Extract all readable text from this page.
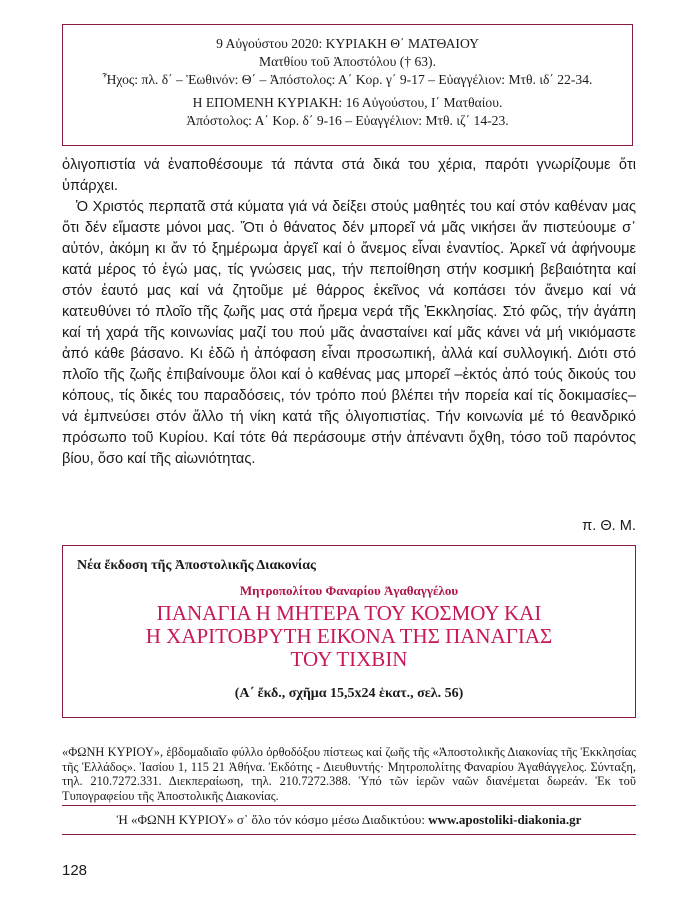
9 Αὐγούστου 2020: ΚΥΡΙΑΚΗ Θ΄ ΜΑΤΘΑΙΟΥ
Ματθίου τοῦ Ἀποστόλου († 63).
Ἦχος: πλ. δ΄ – Ἑωθινόν: Θ΄ – Ἀπόστολος: Α΄ Κορ. γ΄ 9-17 – Εὐαγγέλιον: Μτθ. ιδ΄ 22-34.
Η ΕΠΟΜΕΝΗ ΚΥΡΙΑΚΗ: 16 Αὐγούστου, Ι΄ Ματθαίου.
Ἀπόστολος: Α΄ Κορ. δ΄ 9-16 – Εὐαγγέλιον: Μτθ. ιζ΄ 14-23.

ὀλιγοπιστία νά ἐναποθέσουμε τά πάντα στά δικά του χέρια, παρότι γνωρίζουμε ὅτι ὑπάρχει.

Ὁ Χριστός περπατᾶ στά κύματα γιά νά δείξει στούς μαθητές του καί στόν καθέναν μας ὅτι δέν εἴμαστε μόνοι μας. Ὅτι ὁ θάνατος δέν μπορεῖ νά μᾶς νικήσει ἄν πιστεύουμε σ᾽ αὐτόν, ἀκόμη κι ἄν τό ξημέρωμα ἀργεῖ καί ὁ ἄνεμος εἶναι ἐναντίος. Ἀρκεῖ νά ἀφήνουμε κατά μέρος τό ἐγώ μας, τίς γνώσεις μας, τήν πεποίθηση στήν κοσμική βεβαιότητα καί στόν ἑαυτό μας καί νά ζητοῦμε μέ θάρρος ἐκεῖνος νά κοπάσει τόν ἄνεμο καί νά κατευθύνει τό πλοῖο τῆς ζωῆς μας στά ἤρεμα νερά τῆς Ἐκκλησίας. Στό φῶς, τήν ἀγάπη καί τή χαρά τῆς κοινωνίας μαζί του πού μᾶς ἀνασταίνει καί μᾶς κάνει νά μή νικιόμαστε ἀπό κάθε βάσανο. Κι ἐδῶ ἡ ἀπόφαση εἶναι προσωπική, ἀλλά καί συλλογική. Διότι στό πλοῖο τῆς ζωῆς ἐπιβαίνουμε ὅλοι καί ὁ καθένας μας μπορεῖ –ἐκτός ἀπό τούς δικούς του κόπους, τίς δικές του παραδόσεις, τόν τρόπο πού βλέπει τήν πορεία καί τίς δοκιμασίες– νά ἐμπνεύσει στόν ἄλλο τή νίκη κατά τῆς ὀλιγοπιστίας. Τήν κοινωνία μέ τό θεανδρικό πρόσωπο τοῦ Κυρίου. Καί τότε θά περάσουμε στήν ἀπέναντι ὄχθη, τόσο τοῦ παρόντος βίου, ὅσο καί τῆς αἰωνιότητας.

π. Θ. Μ.
Νέα ἔκδοση τῆς Ἀποστολικῆς Διακονίας
Μητροπολίτου Φαναρίου Ἀγαθαγγέλου
ΠΑΝΑΓΙΑ Η ΜΗΤΕΡΑ ΤΟΥ ΚΟΣΜΟΥ ΚΑΙ
Η ΧΑΡΙΤΟΒΡΥΤΗ ΕΙΚΟΝΑ ΤΗΣ ΠΑΝΑΓΙΑΣ
ΤΟΥ ΤΙΧΒΙΝ
(Α΄ ἔκδ., σχῆμα 15,5x24 ἑκατ., σελ. 56)
«ΦΩΝΗ ΚΥΡΙΟΥ», ἑβδομαδιαῖο φύλλο ὀρθοδόξου πίστεως καί ζωῆς τῆς «Ἀποστολικῆς Διακονίας τῆς Ἐκκλησίας τῆς Ἑλλάδος». Ἰασίου 1, 115 21 Ἀθήνα. Ἐκδότης - Διευθυντής· Μητροπολίτης Φαναρίου Ἀγαθάγγελος. Σύνταξη, τηλ. 210.7272.331. Διεκπεραίωση, τηλ. 210.7272.388. Ὑπό τῶν ἱερῶν ναῶν διανέμεται δωρεάν. Ἐκ τοῦ Τυπογραφείου τῆς Ἀποστολικῆς Διακονίας.
Ἡ «ΦΩΝΗ ΚΥΡΙΟΥ» σ᾽ ὅλο τόν κόσμο μέσω Διαδικτύου: www.apostoliki-diakonia.gr
128
